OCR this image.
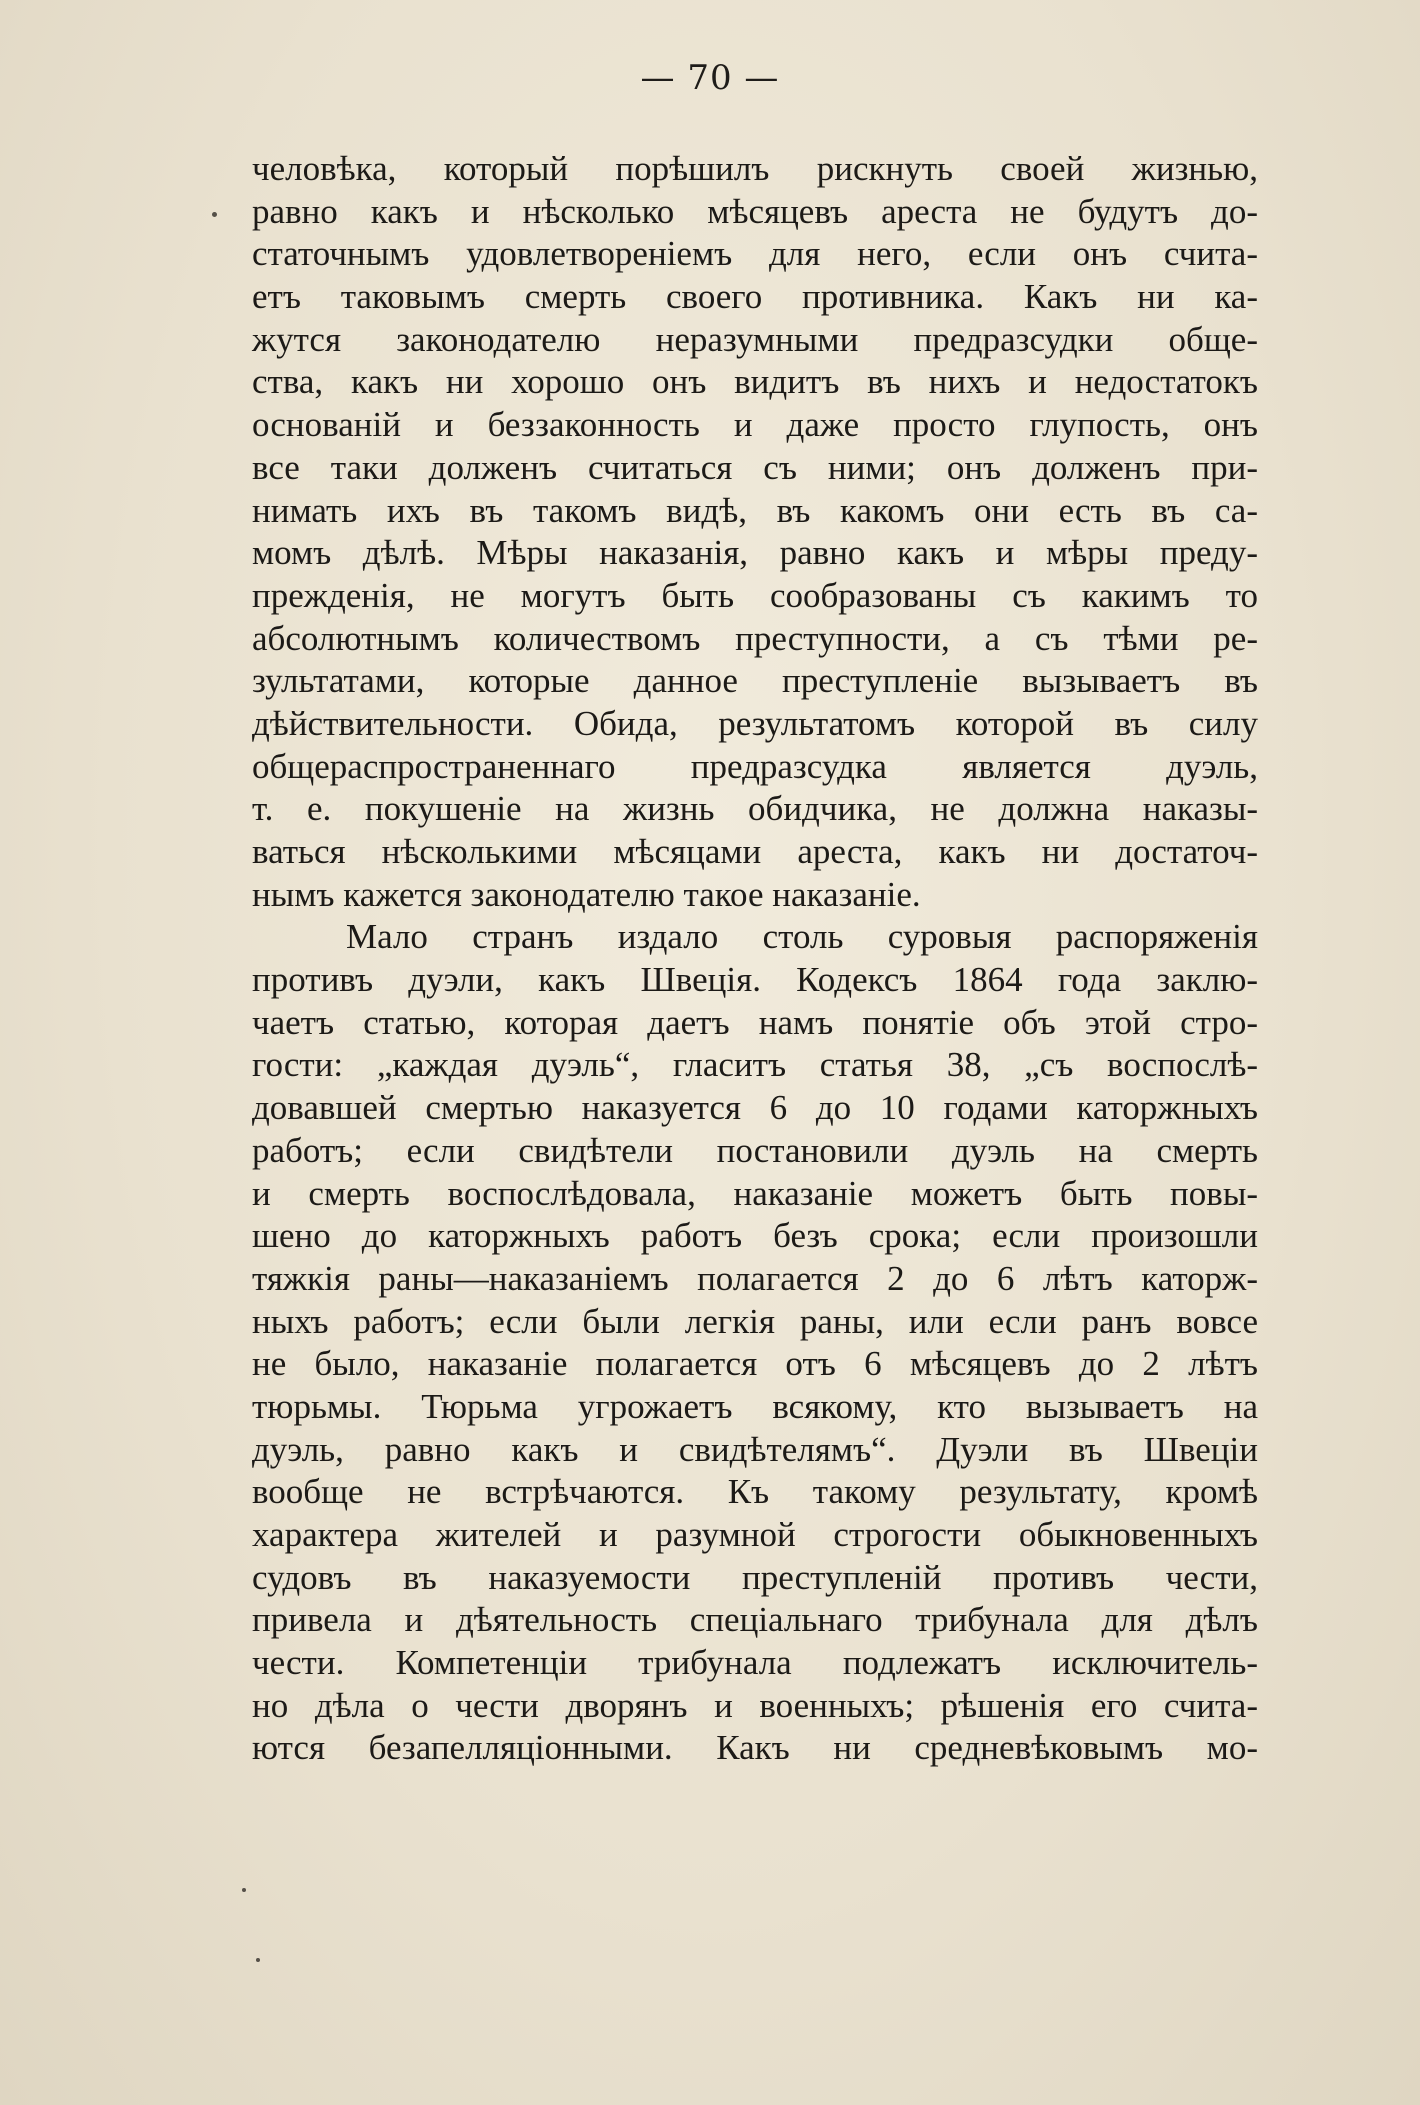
— 70 —
человѣка, который порѣшилъ рискнуть своей жизнью,
равно какъ и нѣсколько мѣсяцевъ ареста не будутъ до-
статочнымъ удовлетвореніемъ для него, если онъ счита-
етъ таковымъ смерть своего противника. Какъ ни ка-
жутся законодателю неразумными предразсудки обще-
ства, какъ ни хорошо онъ видитъ въ нихъ и недостатокъ
основаній и беззаконность и даже просто глупость, онъ
все таки долженъ считаться съ ними; онъ долженъ при-
нимать ихъ въ такомъ видѣ, въ какомъ они есть въ са-
момъ дѣлѣ. Мѣры наказанія, равно какъ и мѣры преду-
прежденія, не могутъ быть сообразованы съ какимъ то
абсолютнымъ количествомъ преступности, а съ тѣми ре-
зультатами, которые данное преступленіе вызываетъ въ
дѣйствительности. Обида, результатомъ которой въ силу
общераспространеннаго предразсудка является дуэль,
т. е. покушеніе на жизнь обидчика, не должна наказы-
ваться нѣсколькими мѣсяцами ареста, какъ ни достаточ-
нымъ кажется законодателю такое наказаніе.
Мало странъ издало столь суровыя распоряженія
противъ дуэли, какъ Швеція. Кодексъ 1864 года заклю-
чаетъ статью, которая даетъ намъ понятіе объ этой стро-
гости: „каждая дуэль“, гласитъ статья 38, „съ воспослѣ-
довавшей смертью наказуется 6 до 10 годами каторжныхъ
работъ; если свидѣтели постановили дуэль на смерть
и смерть воспослѣдовала, наказаніе можетъ быть повы-
шено до каторжныхъ работъ безъ срока; если произошли
тяжкія раны—наказаніемъ полагается 2 до 6 лѣтъ каторж-
ныхъ работъ; если были легкія раны, или если ранъ вовсе
не было, наказаніе полагается отъ 6 мѣсяцевъ до 2 лѣтъ
тюрьмы. Тюрьма угрожаетъ всякому, кто вызываетъ на
дуэль, равно какъ и свидѣтелямъ“. Дуэли въ Швеціи
вообще не встрѣчаются. Къ такому результату, кромѣ
характера жителей и разумной строгости обыкновенныхъ
судовъ въ наказуемости преступленій противъ чести,
привела и дѣятельность спеціальнаго трибунала для дѣлъ
чести. Компетенціи трибунала подлежатъ исключитель-
но дѣла о чести дворянъ и военныхъ; рѣшенія его счита-
ются безапелляціонными. Какъ ни средневѣковымъ мо-
